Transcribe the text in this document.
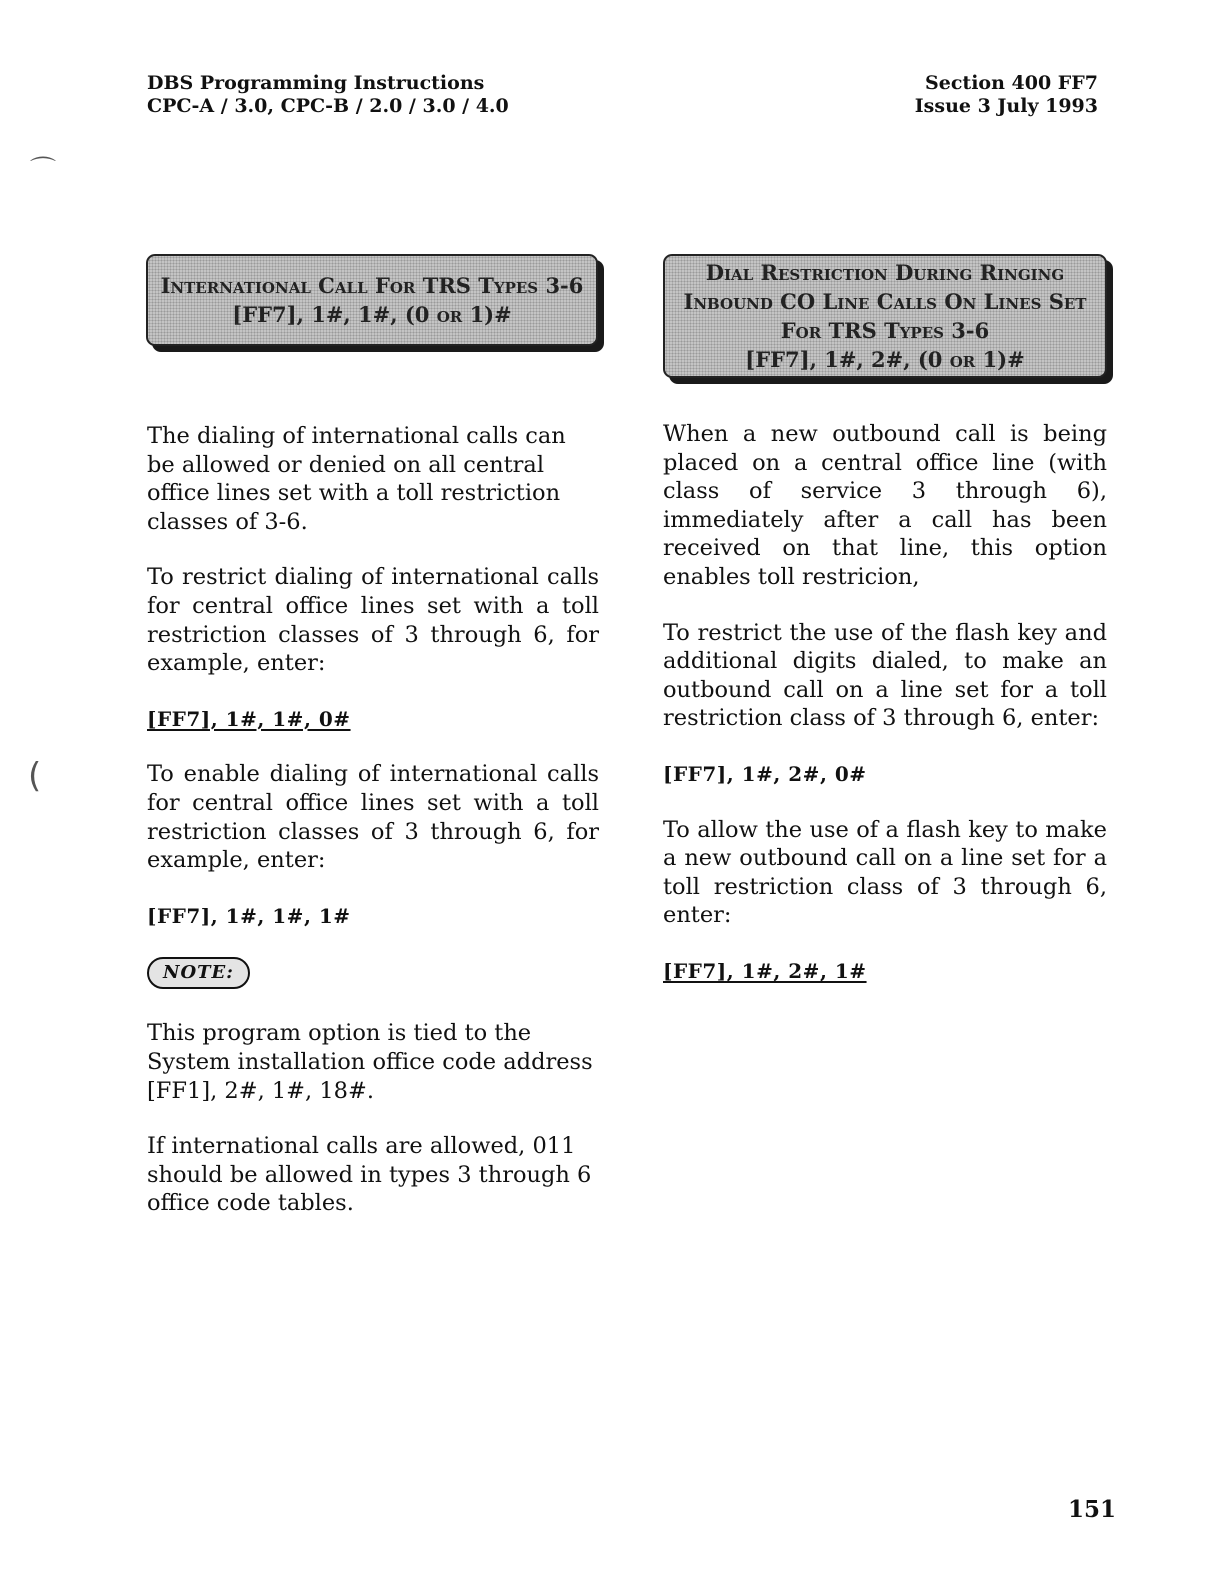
DBS Programming Instructions
CPC-A / 3.0, CPC-B / 2.0 / 3.0 / 4.0
Section 400 FF7
Issue 3 July 1993
⌒
(
International Call For TRS Types 3-6
[FF7], 1#, 1#, (0 or 1)#
Dial Restriction During Ringing
Inbound CO Line Calls On Lines Set
For TRS Types 3-6
[FF7], 1#, 2#, (0 or 1)#

The dialing of international calls can be allowed or denied on all central office lines set with a toll restriction classes of 3-6.

To restrict dialing of international calls for central office lines set with a toll restriction classes of 3 through 6, for example, enter:

[FF7], 1#, 1#, 0#

To enable dialing of international calls for central office lines set with a toll restriction classes of 3 through 6, for example, enter:

[FF7], 1#, 1#, 1#

NOTE:

This program option is tied to the System installation office code address [FF1], 2#, 1#, 18#.

If international calls are allowed, 011 should be allowed in types 3 through 6 office code tables.

When a new outbound call is being placed on a central office line (with class of service 3 through 6), immediately after a call has been received on that line, this option enables toll restricion,

To restrict the use of the flash key and additional digits dialed, to make an outbound call on a line set for a toll restriction class of 3 through 6, enter:

[FF7], 1#, 2#, 0#

To allow the use of a flash key to make a new outbound call on a line set for a toll restriction class of 3 through 6, enter:

[FF7], 1#, 2#, 1#

151
